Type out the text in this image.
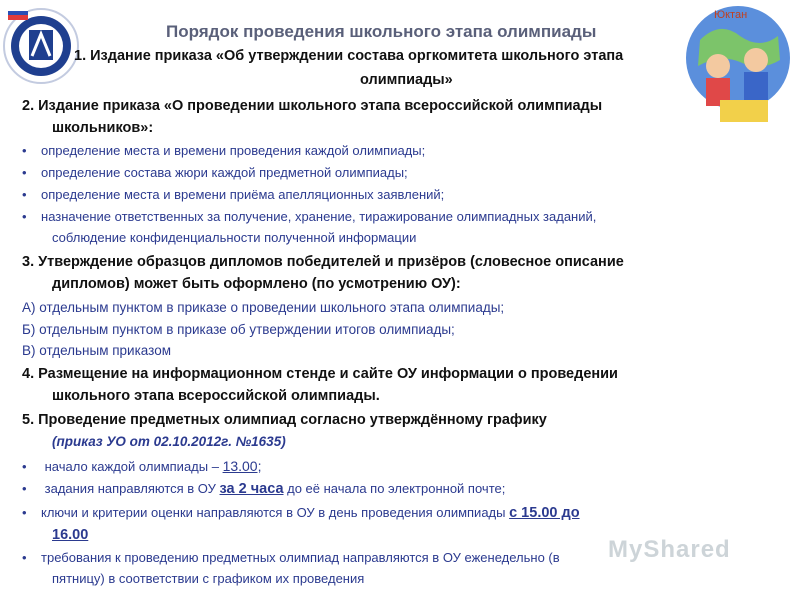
Юктан
Порядок проведения школьного этапа олимпиады
1. Издание приказа «Об утверждении состава оргкомитета школьного этапа
олимпиады»
2. Издание приказа «О проведении школьного этапа всероссийской олимпиады
школьников»:
• определение места и времени проведения каждой олимпиады;
• определение состава жюри каждой предметной олимпиады;
• определение места и времени приёма апелляционных заявлений;
• назначение ответственных за получение, хранение, тиражирование олимпиадных заданий,
соблюдение конфиденциальности полученной информации
3. Утверждение образцов дипломов победителей и призёров (словесное описание
дипломов) может быть оформлено (по усмотрению ОУ):
А) отдельным пунктом в приказе о проведении школьного этапа олимпиады;
Б) отдельным пунктом в приказе об утверждении итогов олимпиады;
В) отдельным приказом
4. Размещение на информационном стенде и сайте ОУ информации о проведении
школьного этапа всероссийской олимпиады.
5. Проведение предметных олимпиад согласно утверждённому графику
(приказ УО от 02.10.2012г. №1635)
• начало каждой олимпиады – 13.00;
• задания направляются в ОУ за 2 часа до её начала по электронной почте;
• ключи и критерии оценки направляются в ОУ в день проведения олимпиады с 15.00 до
16.00
• требования к проведению предметных олимпиад направляются в ОУ еженедельно (в
пятницу) в соответствии с графиком их проведения
MyShared
